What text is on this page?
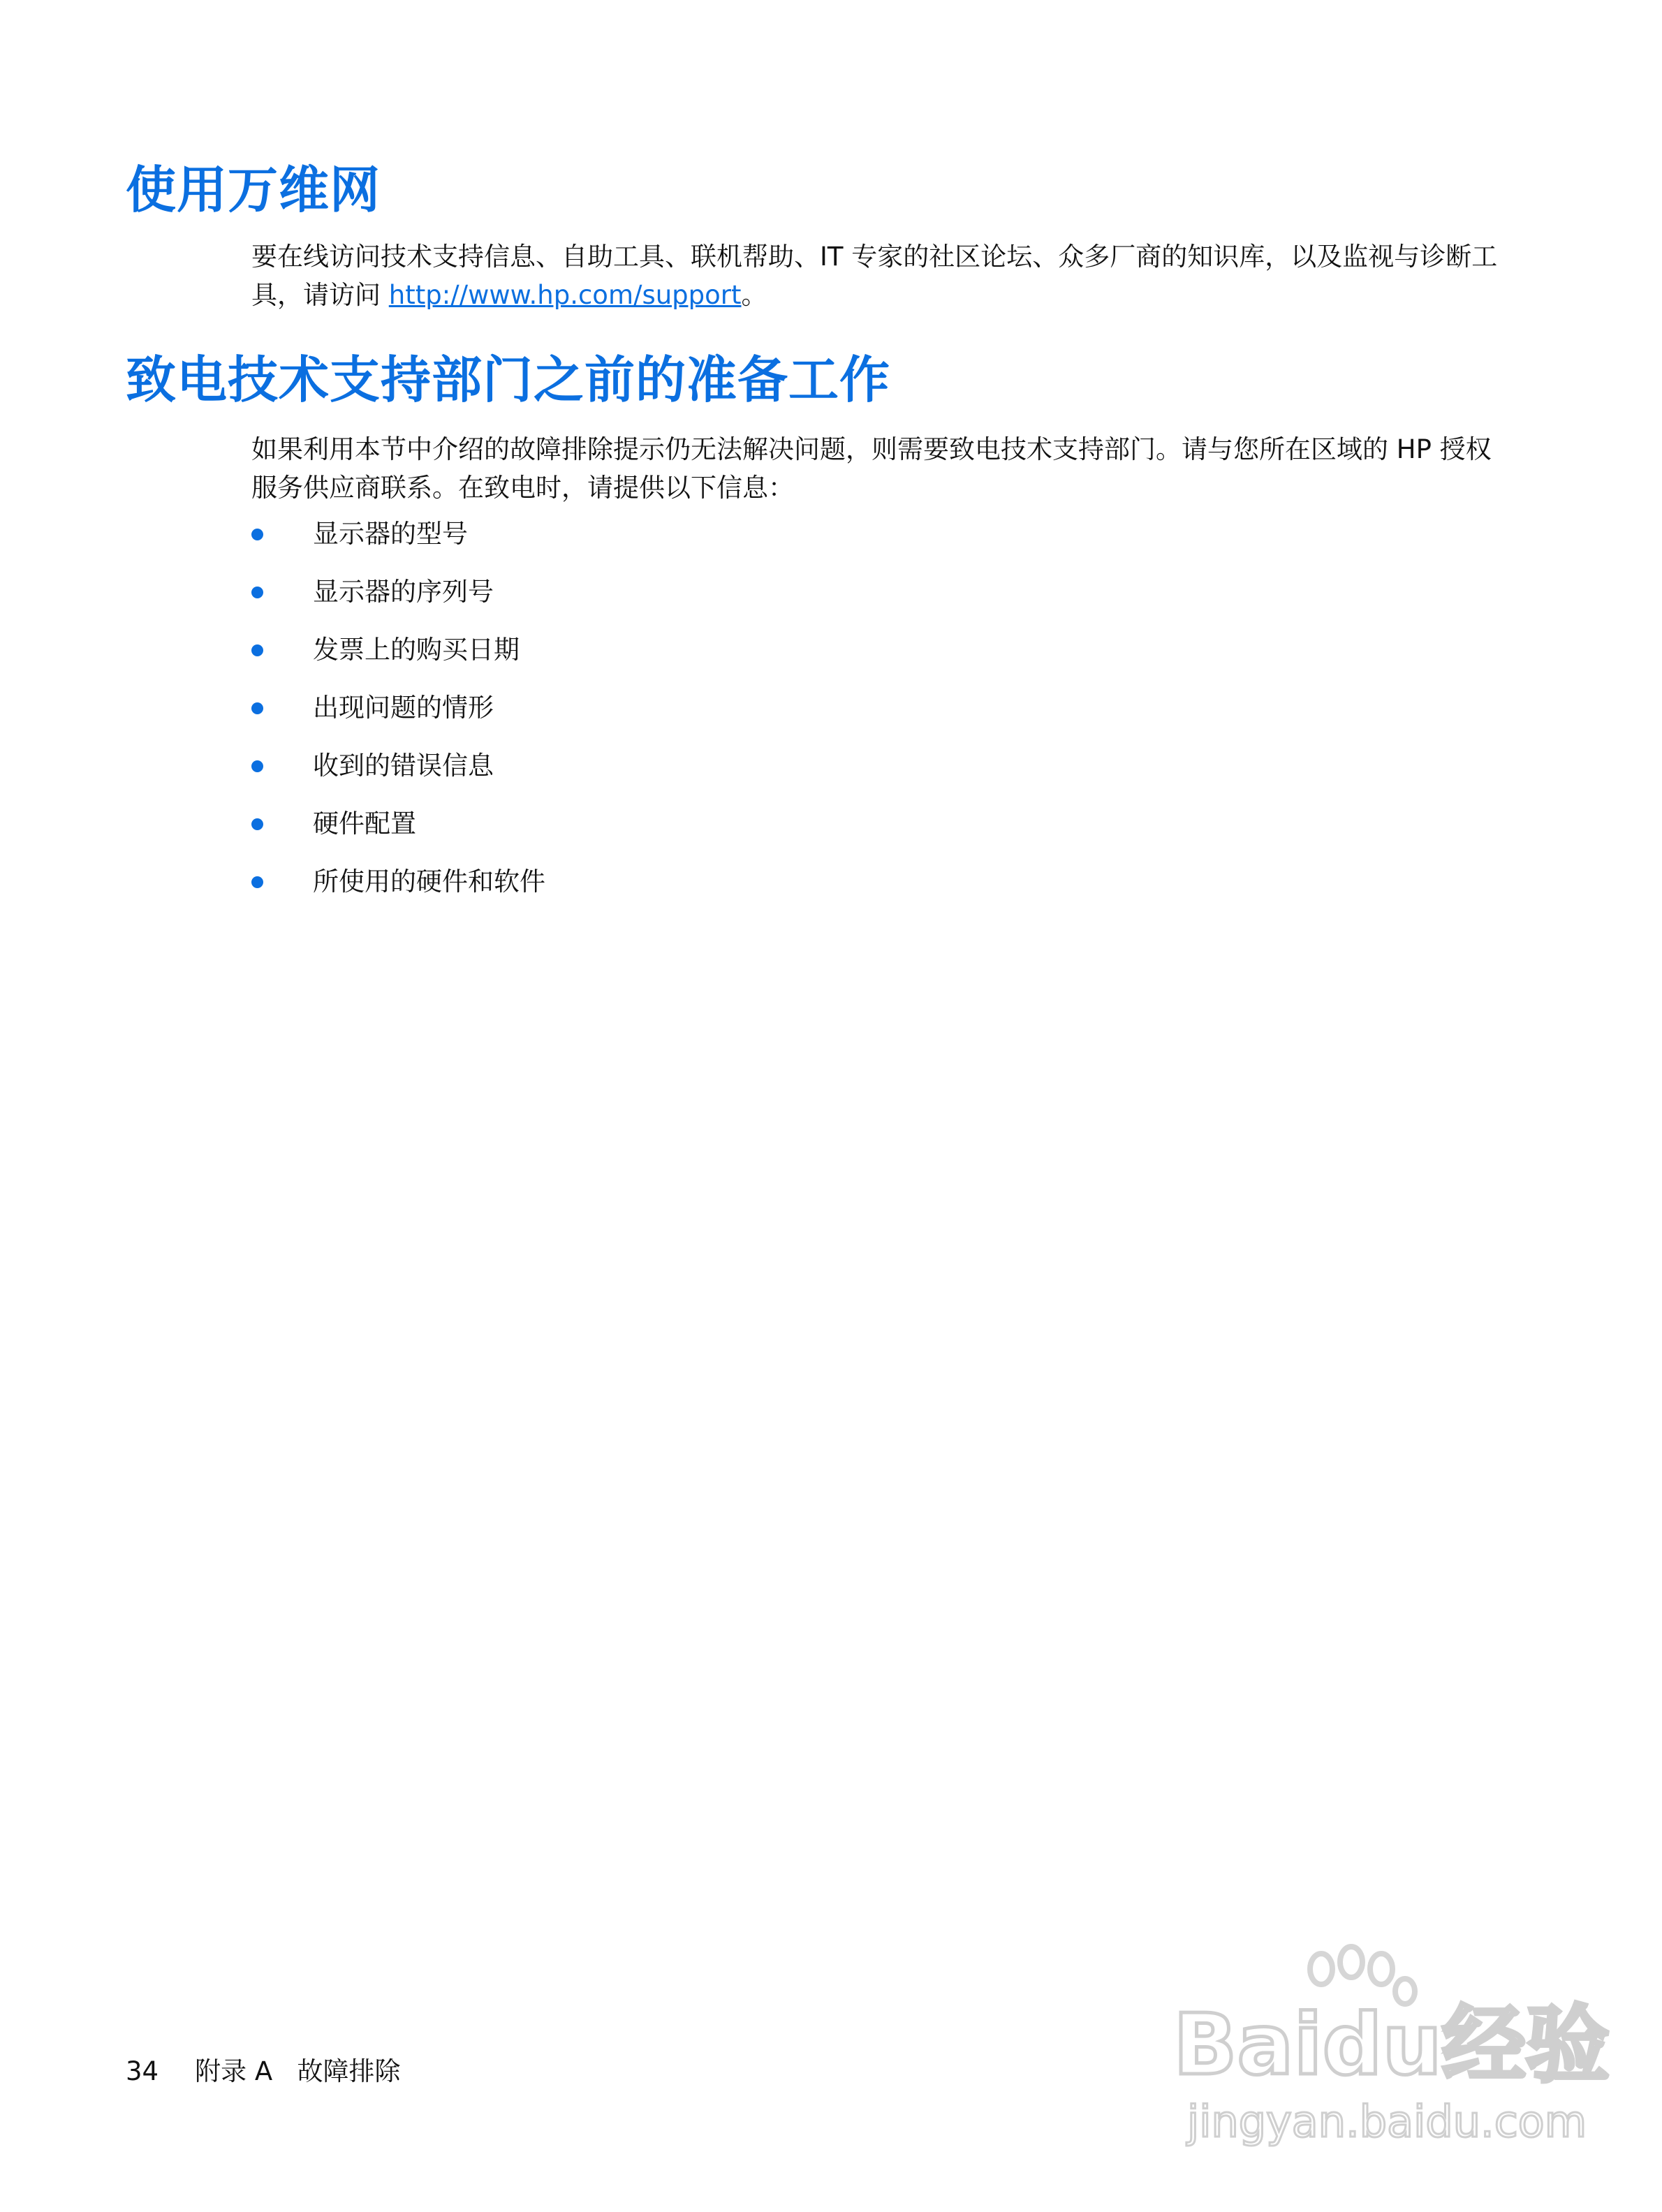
使用万维网

要在线访问技术支持信息、自助工具、联机帮助、IT 专家的社区论坛、众多厂商的知识库，以及监视与诊断工具，请访问 http://www.hp.com/support。

致电技术支持部门之前的准备工作

如果利用本节中介绍的故障排除提示仍无法解决问题，则需要致电技术支持部门。请与您所在区域的 HP 授权服务供应商联系。在致电时，请提供以下信息：

显示器的型号
显示器的序列号
发票上的购买日期
出现问题的情形
收到的错误信息
硬件配置
所使用的硬件和软件
34 附录 A   故障排除	Baidu经验
jingyan.baidu.com
